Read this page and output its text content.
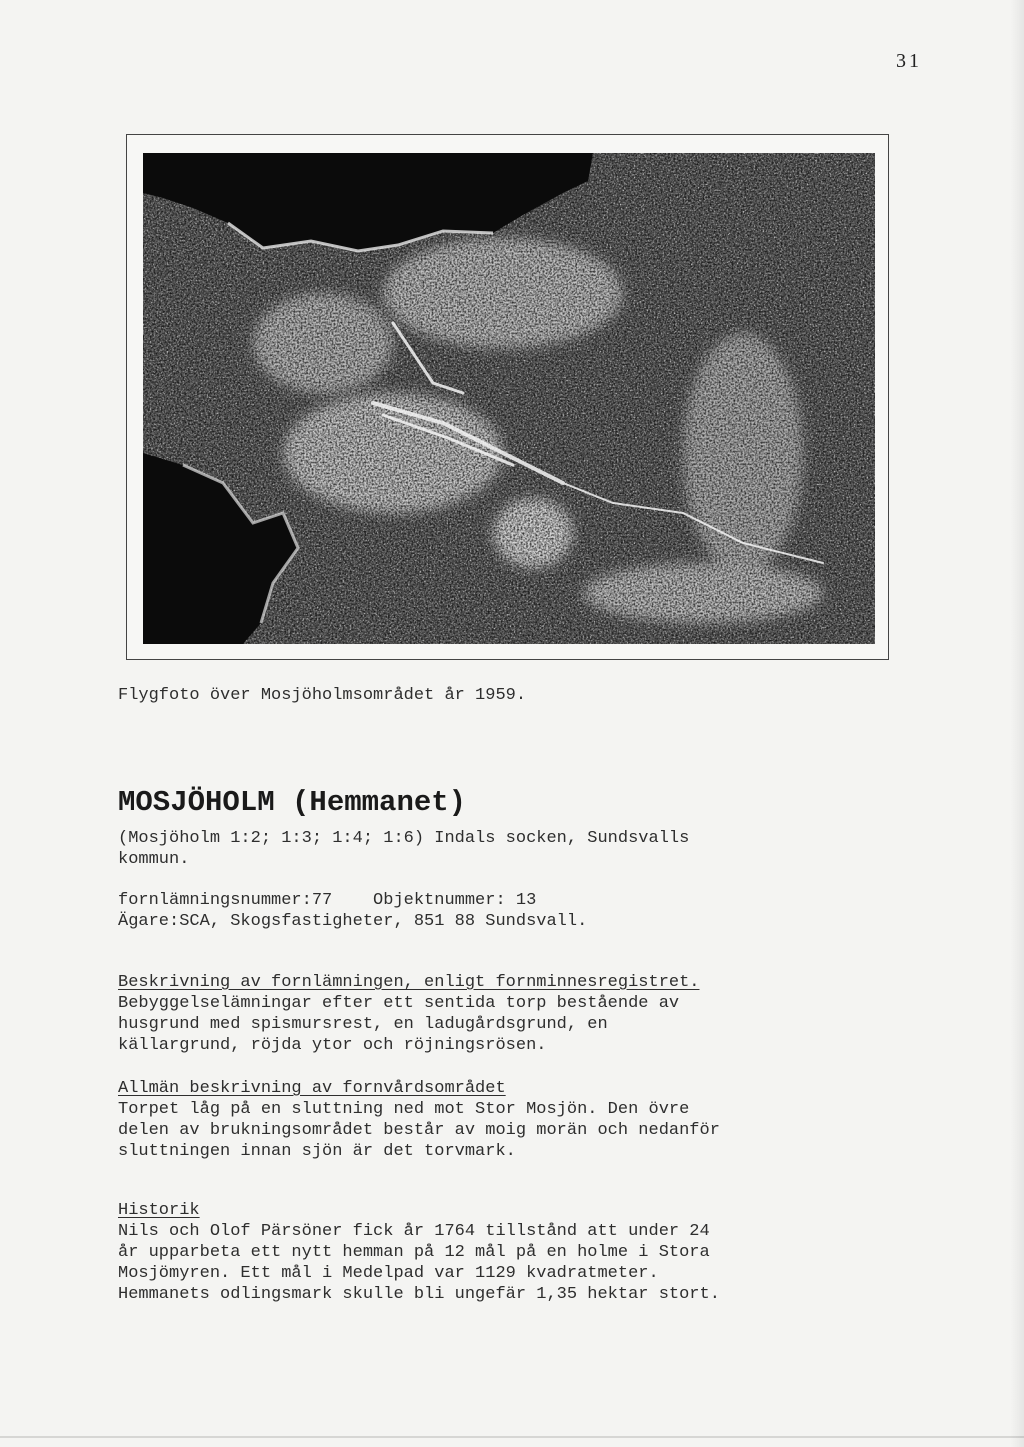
31
Flygfoto över Mosjöholmsområdet år 1959.
MOSJÖHOLM (Hemmanet)
(Mosjöholm 1:2; 1:3; 1:4; 1:6) Indals socken, Sundsvalls
kommun.
fornlämningsnummer:77    Objektnummer: 13
Ägare:SCA, Skogsfastigheter, 851 88 Sundsvall.
Beskrivning av fornlämningen, enligt fornminnesregistret.
Bebyggelselämningar efter ett sentida torp bestående av
husgrund med spismursrest, en ladugårdsgrund, en
källargrund, röjda ytor och röjningsrösen.
Allmän beskrivning av fornvårdsområdet
Torpet låg på en sluttning ned mot Stor Mosjön. Den övre
delen av brukningsområdet består av moig morän och nedanför
sluttningen innan sjön är det torvmark.
Historik
Nils och Olof Pärsöner fick år 1764 tillstånd att under 24
år upparbeta ett nytt hemman på 12 mål på en holme i Stora
Mosjömyren. Ett mål i Medelpad var 1129 kvadratmeter.
Hemmanets odlingsmark skulle bli ungefär 1,35 hektar stort.
